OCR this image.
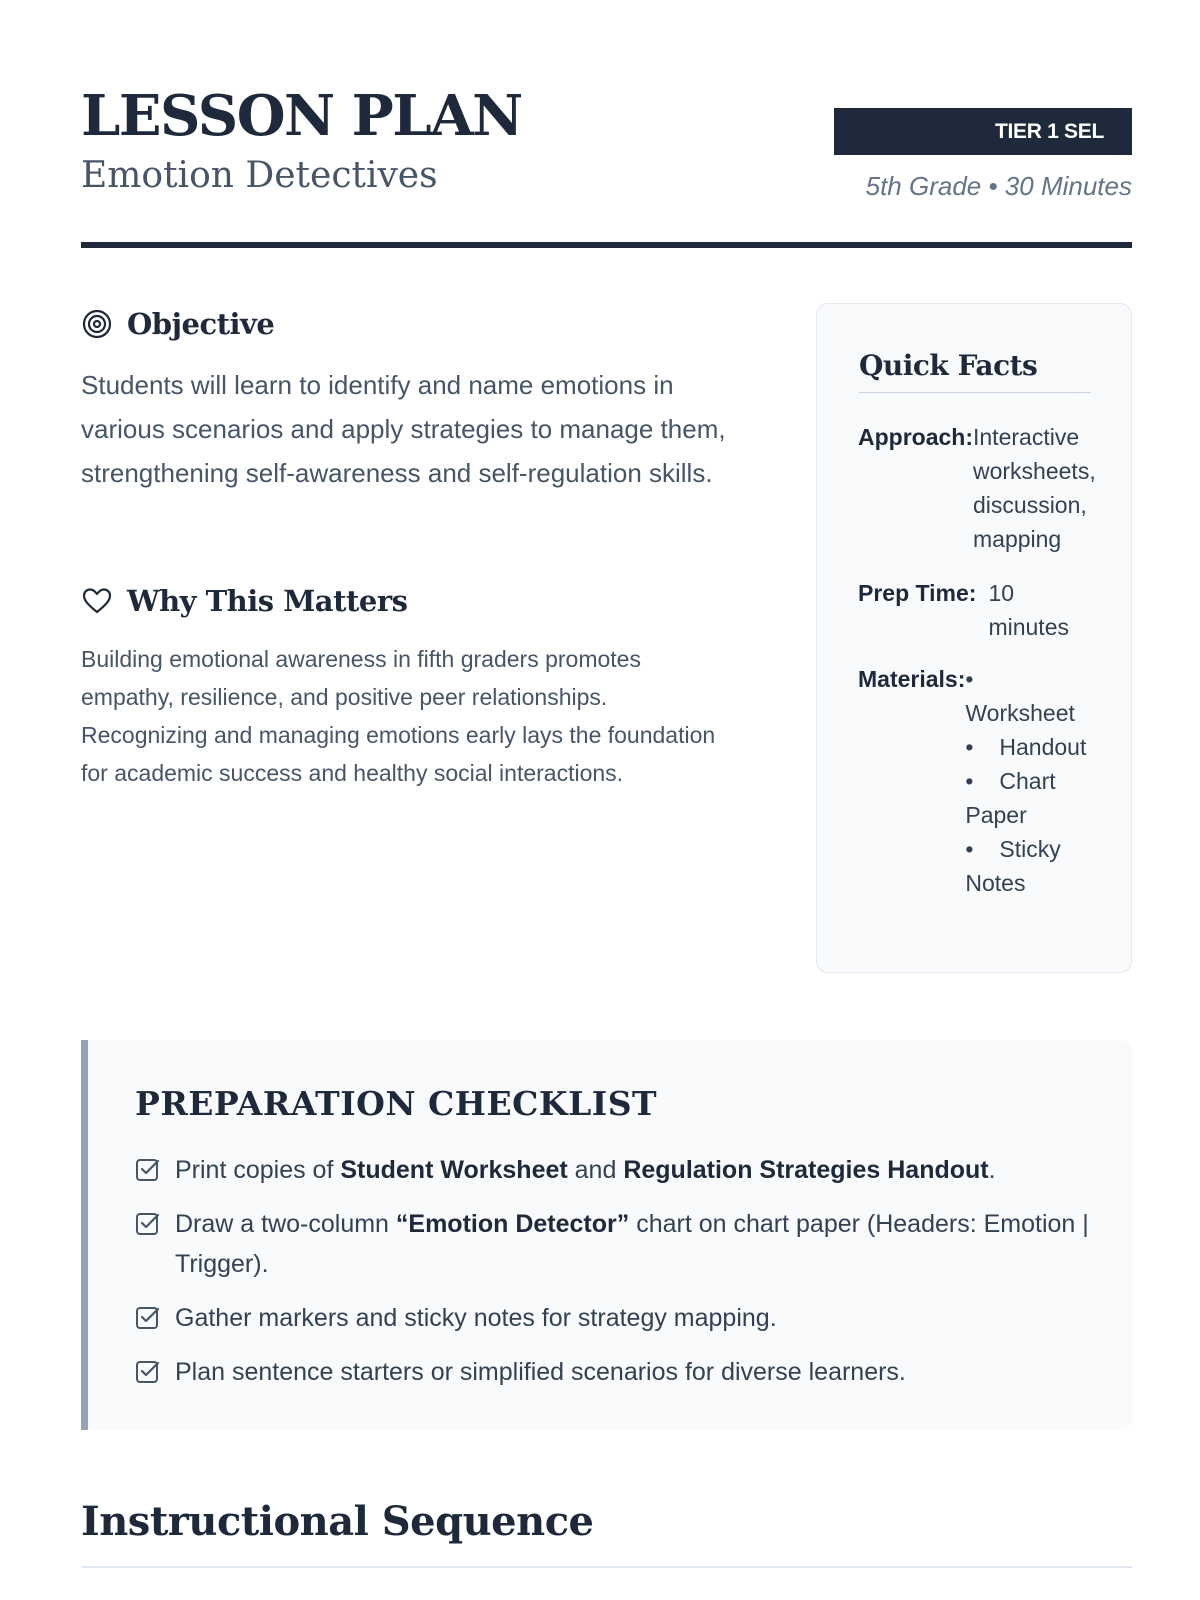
LESSON PLAN
Emotion Detectives
TIER 1 SEL
5th Grade • 30 Minutes
Objective

Students will learn to identify and name emotions in various scenarios and apply strategies to manage them, strengthening self-awareness and self-regulation skills.

Why This Matters

Building emotional awareness in fifth graders promotes empathy, resilience, and positive peer relationships. Recognizing and managing emotions early lays the foundation for academic success and healthy social interactions.

Quick Facts
Approach: Interactive worksheets, discussion, mapping
Prep Time: 10 minutes
Materials:
• Worksheet
• Handout
• Chart Paper
• Sticky Notes
PREPARATION CHECKLIST
Print copies of Student Worksheet and Regulation Strategies Handout.
Draw a two-column “Emotion Detector” chart on chart paper (Headers: Emotion | Trigger).
Gather markers and sticky notes for strategy mapping.
Plan sentence starters or simplified scenarios for diverse learners.
Instructional Sequence
